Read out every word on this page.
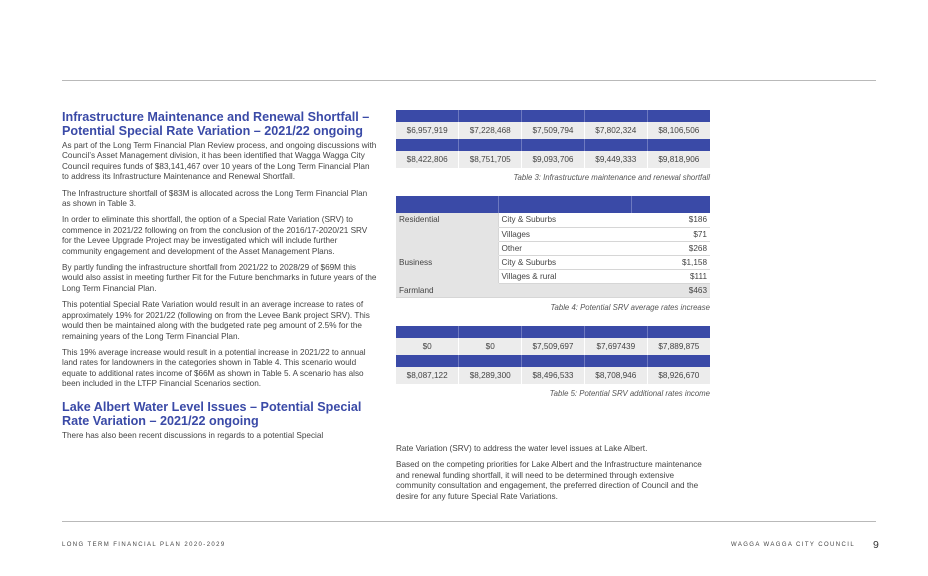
Infrastructure Maintenance and Renewal Shortfall – Potential Special Rate Variation – 2021/22 ongoing

As part of the Long Term Financial Plan Review process, and ongoing discussions with Council’s Asset Management division, it has been identified that Wagga Wagga City Council requires funds of $83,141,467 over 10 years of the Long Term Financial Plan to address its Infrastructure Maintenance and Renewal Shortfall.

The Infrastructure shortfall of $83M is allocated across the Long Term Financial Plan as shown in Table 3.

In order to eliminate this shortfall, the option of a Special Rate Variation (SRV) to commence in 2021/22 following on from the conclusion of the 2016/17-2020/21 SRV for the Levee Upgrade Project may be investigated which will include further community engagement and development of the Asset Management Plans.

By partly funding the infrastructure shortfall from 2021/22 to 2028/29 of $69M this would also assist in meeting further Fit for the Future benchmarks in future years of the Long Term Financial Plan.

This potential Special Rate Variation would result in an average increase to rates of approximately 19% for 2021/22 (following on from the Levee Bank project SRV). This would then be maintained along with the budgeted rate peg amount of 2.5% for the remaining years of the Long Term Financial Plan.

This 19% average increase would result in a potential increase in 2021/22 to annual land rates for landowners in the categories shown in Table 4. This scenario would equate to additional rates income of $66M as shown in Table 5. A scenario has also been included in the LTFP Financial Scenarios section.

Lake Albert Water Level Issues – Potential Special Rate Variation – 2021/22 ongoing

There has also been recent discussions in regards to a potential Special

$6,957,919	$7,228,468	$7,509,794	$7,802,324	$8,106,506

$8,422,806	$8,751,705	$9,093,706	$9,449,333	$9,818,906
Table 3: Infrastructure maintenance and renewal shortfall

Residential	City & Suburbs	$186
	Villages	$71
	Other	$268
Business	City & Suburbs	$1,158
	Villages & rural	$111
Farmland		$463
Table 4: Potential SRV average rates increase

$0	$0	$7,509,697	$7,697439	$7,889,875

$8,087,122	$8,289,300	$8,496,533	$8,708,946	$8,926,670
Table 5: Potential SRV additional rates income

Rate Variation (SRV) to address the water level issues at Lake Albert.

Based on the competing priorities for Lake Albert and the Infrastructure maintenance and renewal funding shortfall, it will need to be determined through extensive community consultation and engagement, the preferred direction of Council and the desire for any future Special Rate Variations.

LONG TERM FINANCIAL PLAN 2020-2029	WAGGA WAGGA CITY COUNCIL 9
